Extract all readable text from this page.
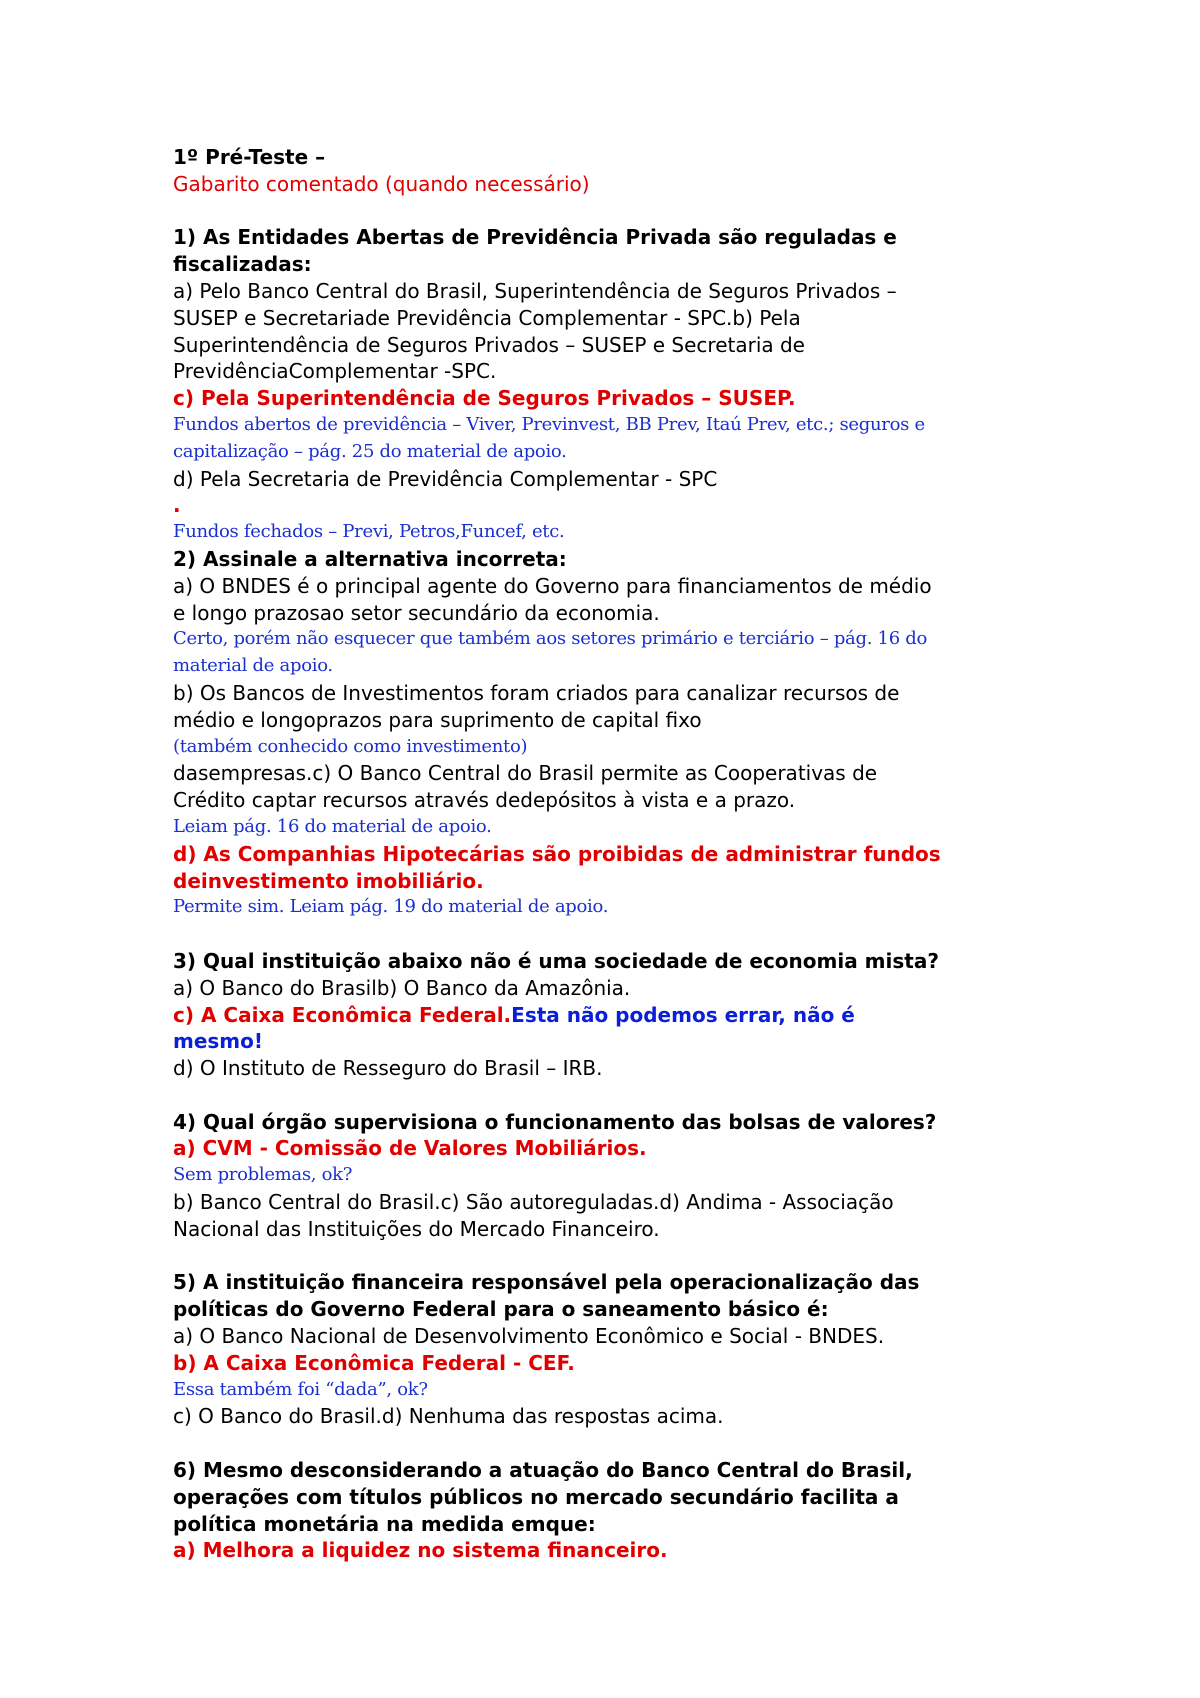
1º Pré-Teste –
Gabarito comentado (quando necessário)
1) As Entidades Abertas de Previdência Privada são reguladas e
fiscalizadas:
a) Pelo Banco Central do Brasil, Superintendência de Seguros Privados –
SUSEP e Secretariade Previdência Complementar - SPC.b) Pela
Superintendência de Seguros Privados – SUSEP e Secretaria de
PrevidênciaComplementar -SPC.
c) Pela Superintendência de Seguros Privados – SUSEP.
Fundos abertos de previdência – Viver, Previnvest, BB Prev, Itaú Prev, etc.; seguros e
capitalização – pág. 25 do material de apoio.
d) Pela Secretaria de Previdência Complementar - SPC
.
Fundos fechados – Previ, Petros,Funcef, etc.
2) Assinale a alternativa incorreta:
a) O BNDES é o principal agente do Governo para financiamentos de médio
e longo prazosao setor secundário da economia.
Certo, porém não esquecer que também aos setores primário e terciário – pág. 16 do
material de apoio.
b) Os Bancos de Investimentos foram criados para canalizar recursos de
médio e longoprazos para suprimento de capital fixo
(também conhecido como investimento)
dasempresas.c) O Banco Central do Brasil permite as Cooperativas de
Crédito captar recursos através dedepósitos à vista e a prazo.
Leiam pág. 16 do material de apoio.
d) As Companhias Hipotecárias são proibidas de administrar fundos
deinvestimento imobiliário.
Permite sim. Leiam pág. 19 do material de apoio.
3) Qual instituição abaixo não é uma sociedade de economia mista?
a) O Banco do Brasilb) O Banco da Amazônia.
c) A Caixa Econômica Federal.Esta não podemos errar, não é
mesmo!
d) O Instituto de Resseguro do Brasil – IRB.
4) Qual órgão supervisiona o funcionamento das bolsas de valores?
a) CVM - Comissão de Valores Mobiliários.
Sem problemas, ok?
b) Banco Central do Brasil.c) São autoreguladas.d) Andima - Associação
Nacional das Instituições do Mercado Financeiro.
5) A instituição financeira responsável pela operacionalização das
políticas do Governo Federal para o saneamento básico é:
a) O Banco Nacional de Desenvolvimento Econômico e Social - BNDES.
b) A Caixa Econômica Federal - CEF.
Essa também foi “dada”, ok?
c) O Banco do Brasil.d) Nenhuma das respostas acima.
6) Mesmo desconsiderando a atuação do Banco Central do Brasil,
operações com títulos públicos no mercado secundário facilita a
política monetária na medida emque:
a) Melhora a liquidez no sistema financeiro.
